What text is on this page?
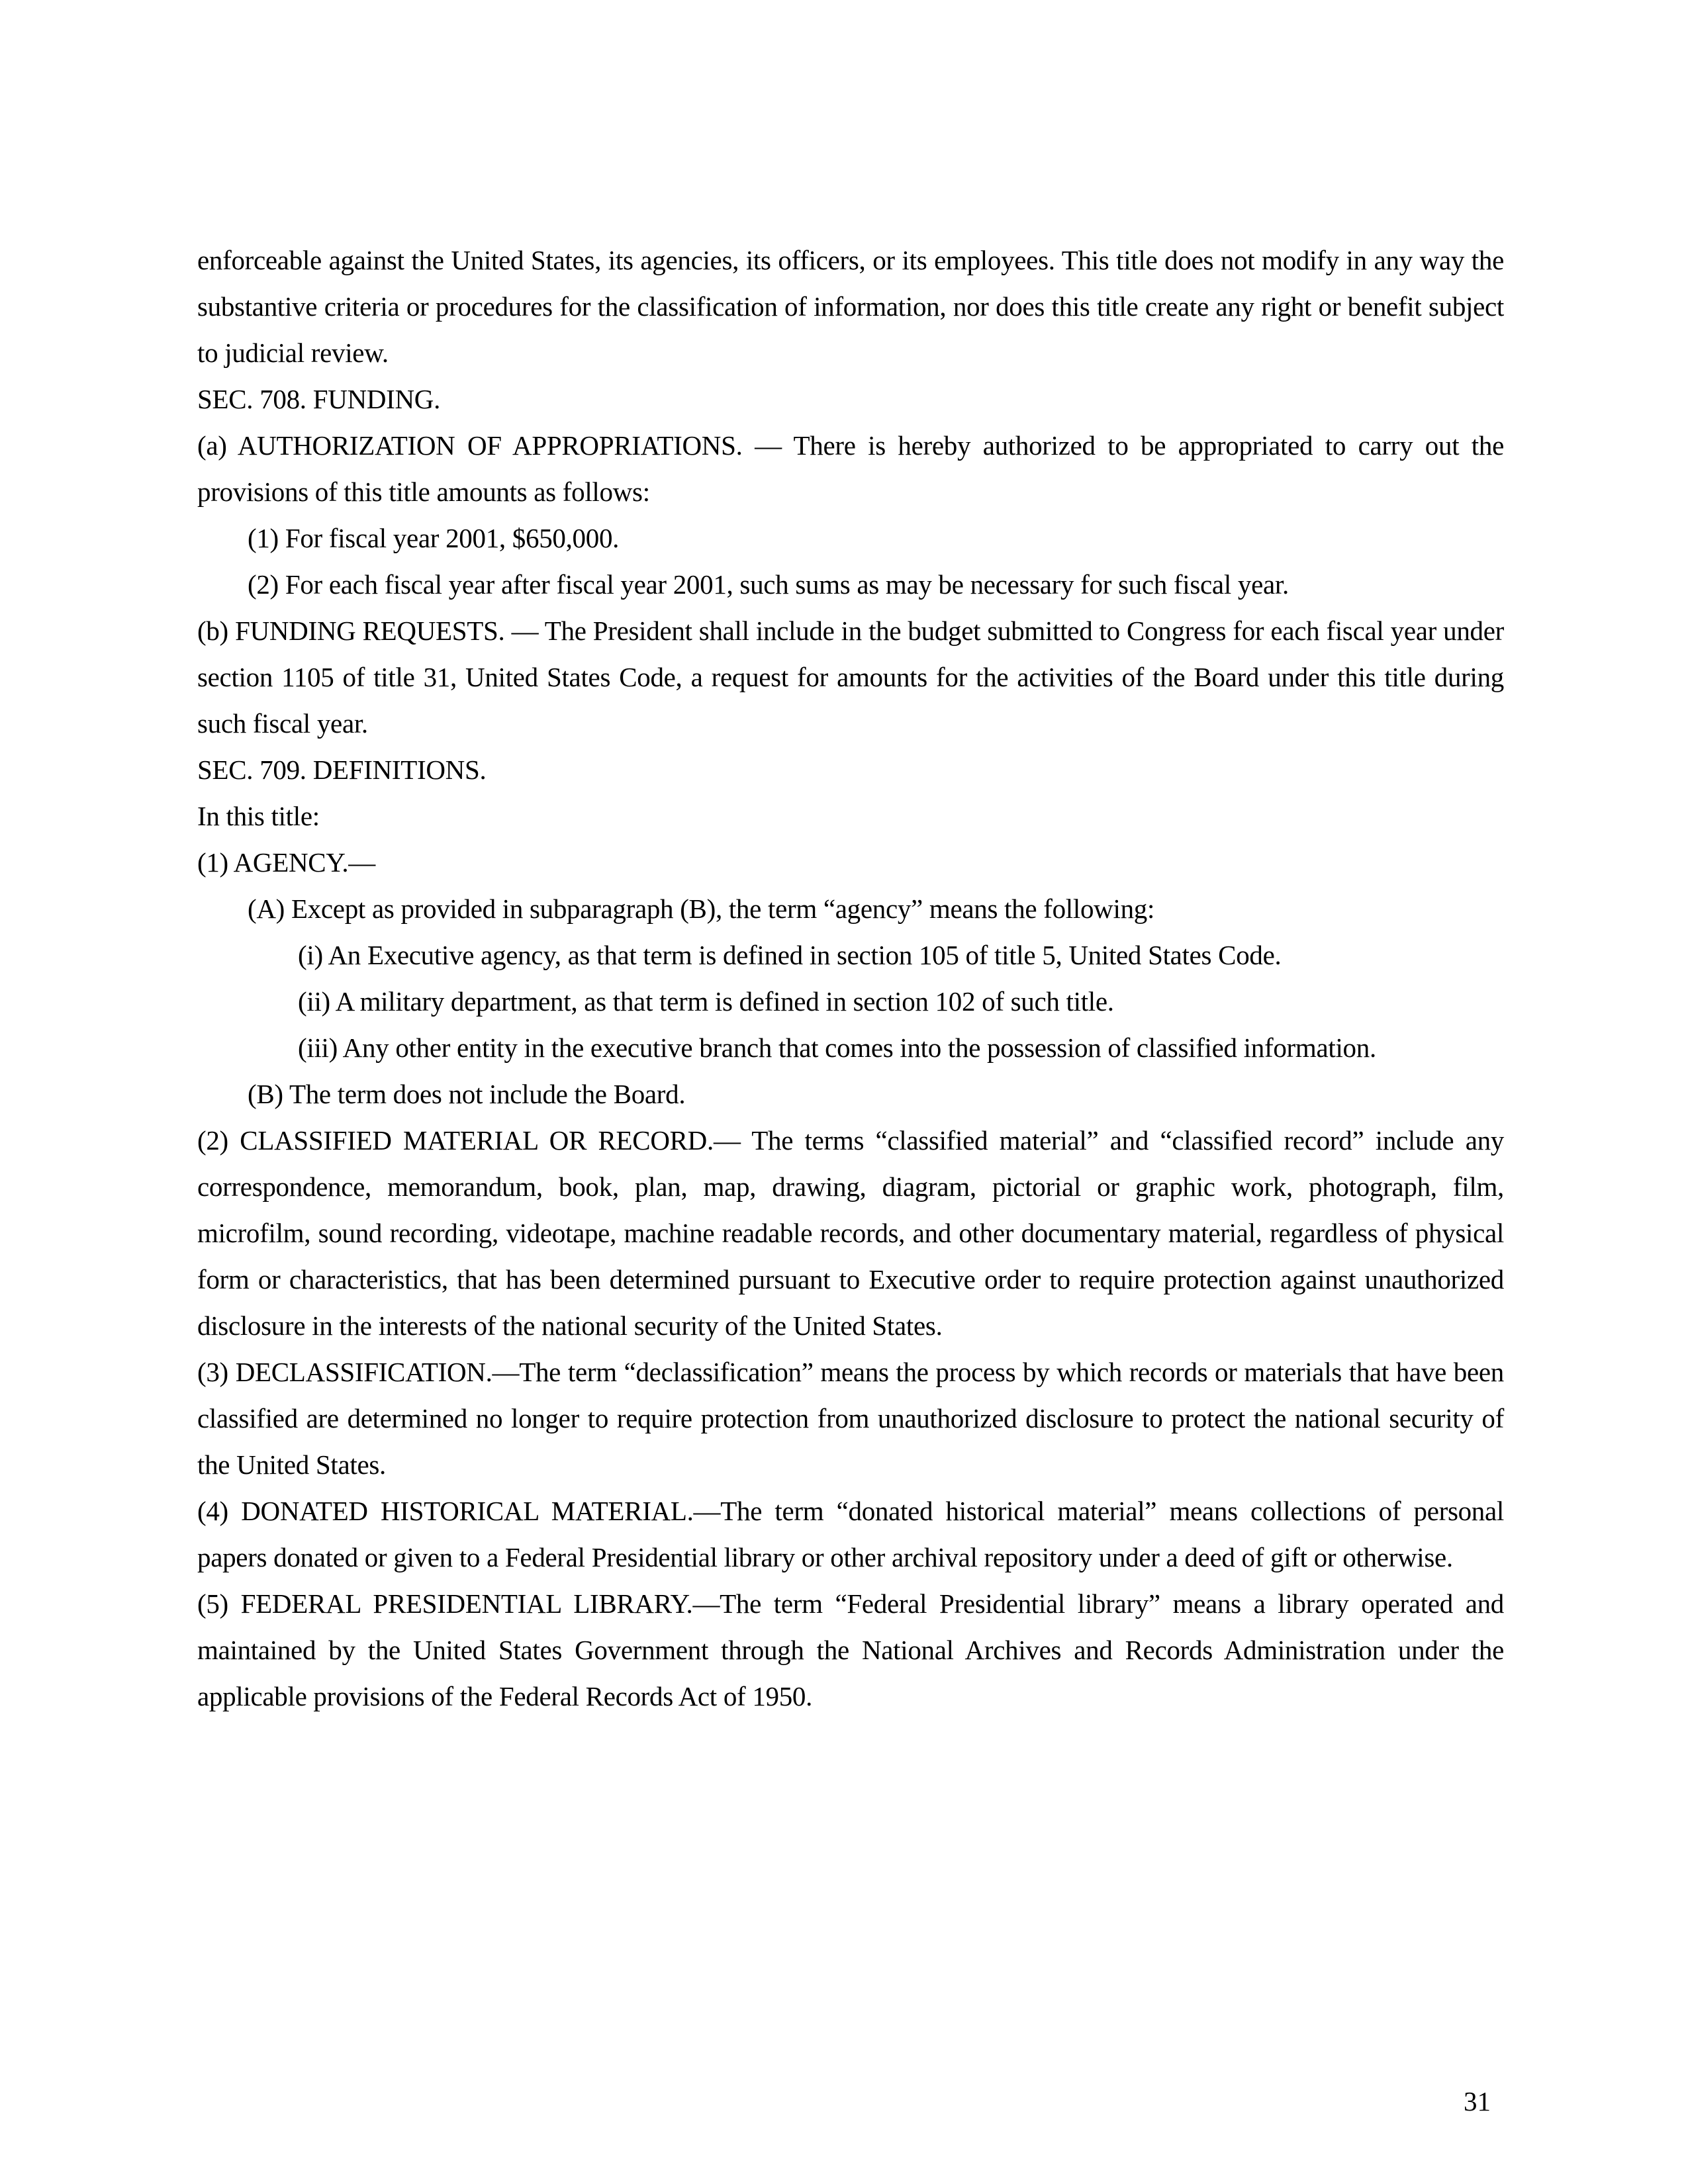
enforceable against the United States, its agencies, its officers, or its employees. This title does not modify in any way the substantive criteria or procedures for the classification of information, nor does this title create any right or benefit subject to judicial review.

SEC. 708. FUNDING.

(a) AUTHORIZATION OF APPROPRIATIONS. — There is hereby authorized to be appropriated to carry out the provisions of this title amounts as follows:

(1) For fiscal year 2001, $650,000.

(2) For each fiscal year after fiscal year 2001, such sums as may be necessary for such fiscal year.

(b) FUNDING REQUESTS. — The President shall include in the budget submitted to Congress for each fiscal year under section 1105 of title 31, United States Code, a request for amounts for the activities of the Board under this title during such fiscal year.

SEC. 709. DEFINITIONS.

In this title:

(1) AGENCY.—

(A) Except as provided in subparagraph (B), the term “agency” means the following:

(i) An Executive agency, as that term is defined in section 105 of title 5, United States Code.

(ii) A military department, as that term is defined in section 102 of such title.

(iii) Any other entity in the executive branch that comes into the possession of classified information.

(B) The term does not include the Board.

(2) CLASSIFIED MATERIAL OR RECORD.— The terms “classified material” and “classified record” include any correspondence, memorandum, book, plan, map, drawing, diagram, pictorial or graphic work, photograph, film, microfilm, sound recording, videotape, machine readable records, and other documentary material, regardless of physical form or characteristics, that has been determined pursuant to Executive order to require protection against unauthorized disclosure in the interests of the national security of the United States.

(3) DECLASSIFICATION.—The term “declassification” means the process by which records or materials that have been classified are determined no longer to require protection from unauthorized disclosure to protect the national security of the United States.

(4) DONATED HISTORICAL MATERIAL.—The term “donated historical material” means collections of personal papers donated or given to a Federal Presidential library or other archival repository under a deed of gift or otherwise.

(5) FEDERAL PRESIDENTIAL LIBRARY.—The term “Federal Presidential library” means a library operated and maintained by the United States Government through the National Archives and Records Administration under the applicable provisions of the Federal Records Act of 1950.

31
